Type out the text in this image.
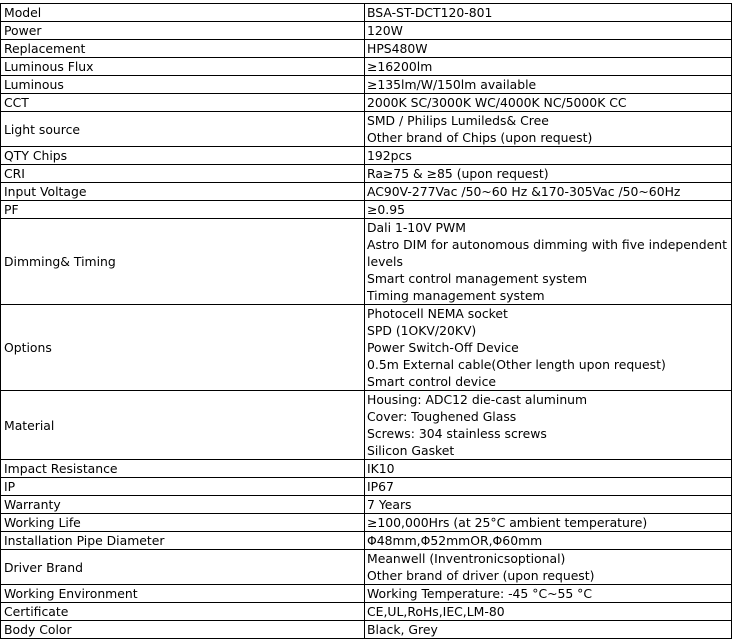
Model	BSA-ST-DCT120-801

Power	120W

Replacement	HPS480W

Luminous Flux	≥16200lm

Luminous	≥135lm/W/150lm available

CCT	2000K SC/3000K WC/4000K NC/5000K CC

Light source	SMD / Philips Lumileds& Cree
Other brand of Chips (upon request)

QTY Chips	192pcs

CRI	Ra≥75 & ≥85 (upon request)

Input Voltage	AC90V-277Vac /50~60 Hz &170-305Vac /50~60Hz

PF	≥0.95

Dimming& Timing	Dali 1-10V PWM
Astro DIM for autonomous dimming with five independent levels
Smart control management system
Timing management system

Options	Photocell NEMA socket
SPD (1OKV/20KV)
Power Switch-Off Device
0.5m External cable(Other length upon request)
Smart control device

Material	Housing: ADC12 die-cast aluminum
Cover: Toughened Glass
Screws: 304 stainless screws
Silicon Gasket

Impact Resistance	IK10

IP	IP67

Warranty	7 Years

Working Life	≥100,000Hrs (at 25°C ambient temperature)

Installation Pipe Diameter	Φ48mm,Φ52mmOR,Φ60mm

Driver Brand	Meanwell (Inventronicsoptional)
Other brand of driver (upon request)

Working Environment	Working Temperature: -45 °C~55 °C

Certificate	CE,UL,RoHs,IEC,LM-80

Body Color	Black, Grey
